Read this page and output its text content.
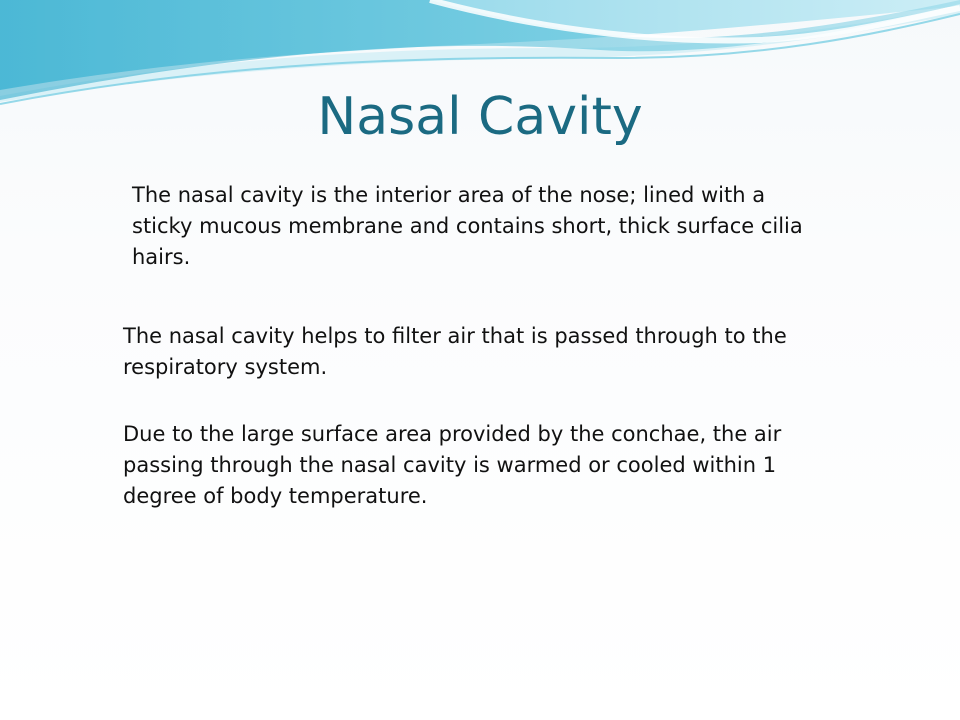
Nasal Cavity

The nasal cavity is the interior area of the nose; lined with a sticky mucous membrane and contains short, thick surface cilia hairs.

The nasal cavity helps to filter air that is passed through to the respiratory system.

Due to the large surface area provided by the conchae, the air passing through the nasal cavity is warmed or cooled within 1 degree of body temperature.
